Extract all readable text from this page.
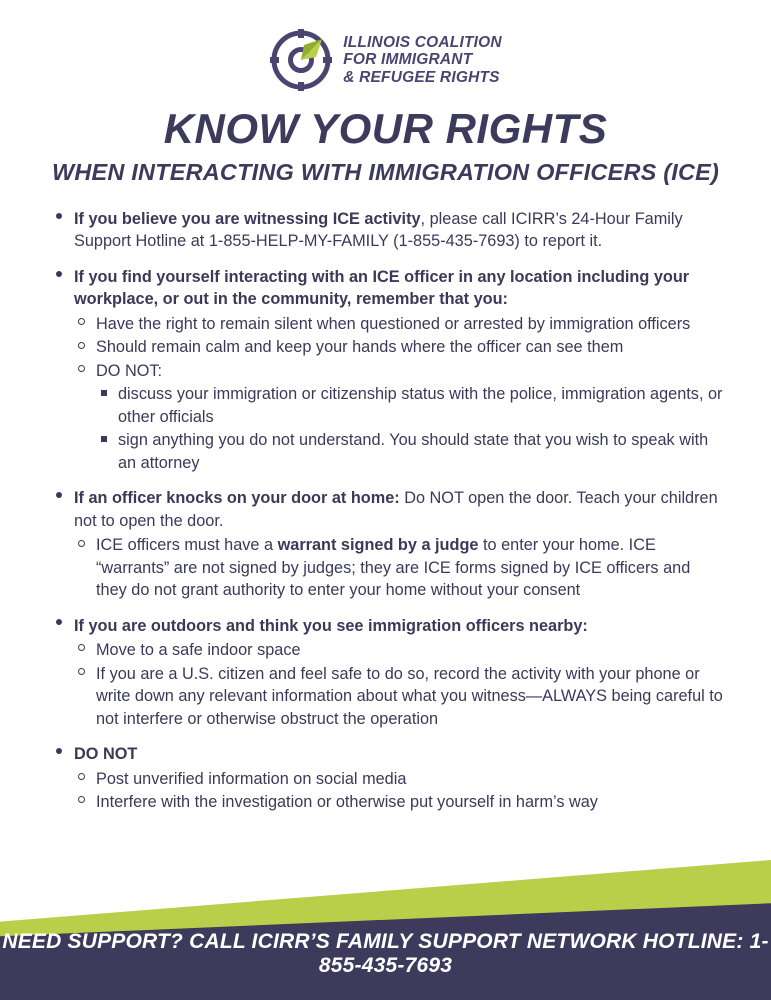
ILLINOIS COALITION
FOR IMMIGRANT
& REFUGEE RIGHTS
KNOW YOUR RIGHTS
WHEN INTERACTING WITH IMMIGRATION OFFICERS (ICE)
If you believe you are witnessing ICE activity, please call ICIRR’s 24-Hour Family Support Hotline at 1-855-HELP-MY-FAMILY (1-855-435-7693) to report it.
If you find yourself interacting with an ICE officer in any location including your workplace, or out in the community, remember that you:
Have the right to remain silent when questioned or arrested by immigration officers
Should remain calm and keep your hands where the officer can see them
DO NOT:
discuss your immigration or citizenship status with the police, immigration agents, or other officials
sign anything you do not understand. You should state that you wish to speak with an attorney
If an officer knocks on your door at home: Do NOT open the door. Teach your children not to open the door.
ICE officers must have a warrant signed by a judge to enter your home. ICE “warrants” are not signed by judges; they are ICE forms signed by ICE officers and they do not grant authority to enter your home without your consent
If you are outdoors and think you see immigration officers nearby:
Move to a safe indoor space
If you are a U.S. citizen and feel safe to do so, record the activity with your phone or write down any relevant information about what you witness—ALWAYS being careful to not interfere or otherwise obstruct the operation
DO NOT
Post unverified information on social media
Interfere with the investigation or otherwise put yourself in harm’s way
NEED SUPPORT? CALL ICIRR’S FAMILY SUPPORT NETWORK HOTLINE: 1-855-435-7693
